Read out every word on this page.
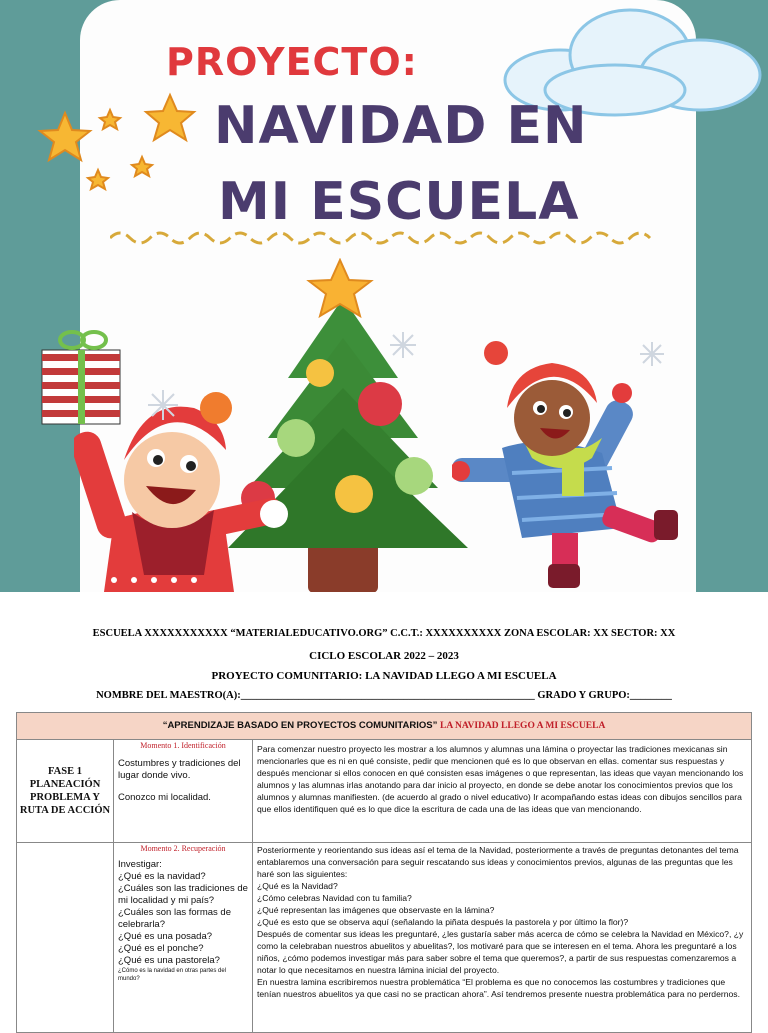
PROYECTO:

NAVIDAD EN

MI ESCUELA

ESCUELA XXXXXXXXXXX “MATERIALEDUCATIVO.ORG” C.C.T.: XXXXXXXXXX ZONA ESCOLAR: XX SECTOR: XX
CICLO ESCOLAR 2022 – 2023
PROYECTO COMUNITARIO: LA NAVIDAD LLEGO A MI ESCUELA
NOMBRE DEL MAESTRO(A):________________________________________________________ GRADO Y GRUPO:________
“APRENDIZAJE BASADO EN PROYECTOS COMUNITARIOS” LA NAVIDAD LLEGO A MI ESCUELA
FASE 1 PLANEACIÓN PROBLEMA Y RUTA DE ACCIÓN
Momento 1. Identificación
Costumbres y tradiciones del lugar donde vivo.
Conozco mi localidad.
Para comenzar nuestro proyecto les mostrar a los alumnos y alumnas una lámina o proyectar las tradiciones mexicanas sin mencionarles que es ni en qué consiste, pedir que mencionen qué es lo que observan en ellas. comentar sus respuestas y después mencionar si ellos conocen en qué consisten esas imágenes o que representan, las ideas que vayan mencionando los alumnos y las alumnas irlas anotando para dar inicio al proyecto, en donde se debe anotar los conocimientos previos que los alumnos y alumnas manifiesten. (de acuerdo al grado o nivel educativo) Ir acompañando estas ideas con dibujos sencillos para que ellos identifiquen qué es lo que dice la escritura de cada una de las ideas que van mencionando.
Momento 2. Recuperación
Investigar:
¿Qué es la navidad?
¿Cuáles son las tradiciones de mi localidad y mi país?
¿Cuáles son las formas de celebrarla?
¿Qué es una posada?
¿Qué es el ponche?
¿Qué es una pastorela?
¿Cómo es la navidad en otras partes del mundo?
Posteriormente y reorientando sus ideas así el tema de la Navidad, posteriormente a través de preguntas detonantes del tema entablaremos una conversación para seguir rescatando sus ideas y conocimientos previos, algunas de las preguntas que les haré son las siguientes:
¿Qué es la Navidad?
¿Cómo celebras Navidad con tu familia?
¿Qué representan las imágenes que observaste en la lámina?
¿Qué es esto que se observa aquí (señalando la piñata después la pastorela y por último la flor)?
Después de comentar sus ideas les preguntaré, ¿les gustaría saber más acerca de cómo se celebra la Navidad en México?, ¿y como la celebraban nuestros abuelitos y abuelitas?, los motivaré para que se interesen en el tema. Ahora les preguntaré a los niños, ¿cómo podemos investigar más para saber sobre el tema que queremos?, a partir de sus respuestas comenzaremos a notar lo que necesitamos en nuestra lámina inicial del proyecto.
En nuestra lamina escribiremos nuestra problemática “El problema es que no conocemos las costumbres y tradiciones que tenían nuestros abuelitos ya que casi no se practican ahora”. Así tendremos presente nuestra problemática para no perdernos.
